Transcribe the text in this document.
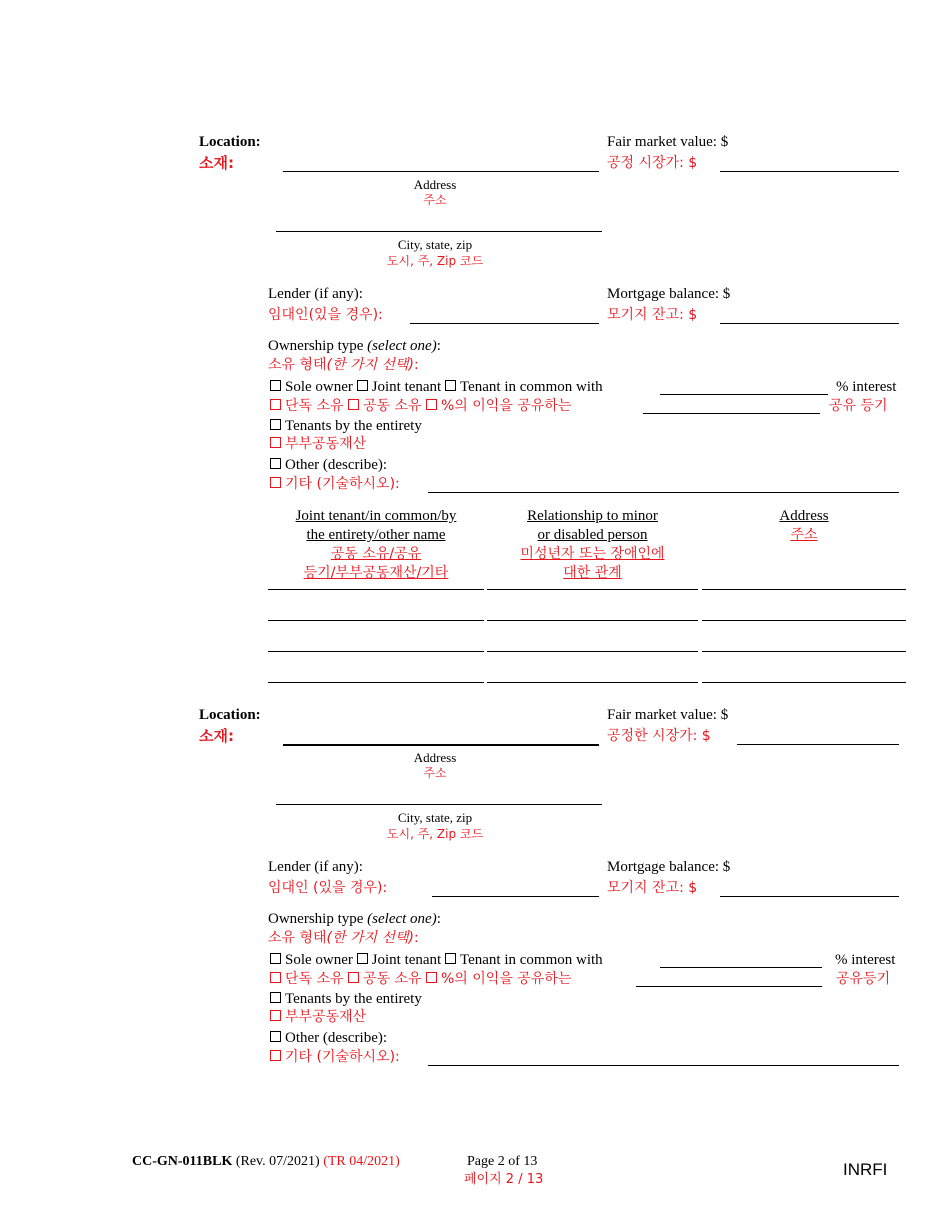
Location:
소재:
Fair market value: $
공정 시장가: $
Address
주소
City, state, zip
도시, 주, Zip 코드
Lender (if any):
임대인(있을 경우):
Mortgage balance: $
모기지 잔고: $
Ownership type (select one):
소유 형태(한 가지 선택):
Sole owner Joint tenant Tenant in common with	% interest
단독 소유 공동 소유 %의 이익을 공유하는	공유 등기
Tenants by the entirety
부부공동재산
Other (describe):
기타 (기술하시오):
Joint tenant/in common/by
the entirety/other name
공동 소유/공유
등기/부부공동재산/기타
Relationship to minor
or disabled person
미성년자 또는 장애인에
대한 관계
Address
주소
Location:
소재:
Fair market value: $
공정한 시장가: $
Address
주소
City, state, zip
도시, 주, Zip 코드
Lender (if any):
임대인 (있을 경우):
Mortgage balance: $
모기지 잔고: $
Ownership type (select one):
소유 형태(한 가지 선택):
Sole owner Joint tenant Tenant in common with	% interest
단독 소유 공동 소유 %의 이익을 공유하는	공유등기
Tenants by the entirety
부부공동재산
Other (describe):
기타 (기술하시오):
CC-GN-011BLK (Rev. 07/2021) (TR 04/2021)	Page 2 of 13
페이지 2 / 13
INRFI
